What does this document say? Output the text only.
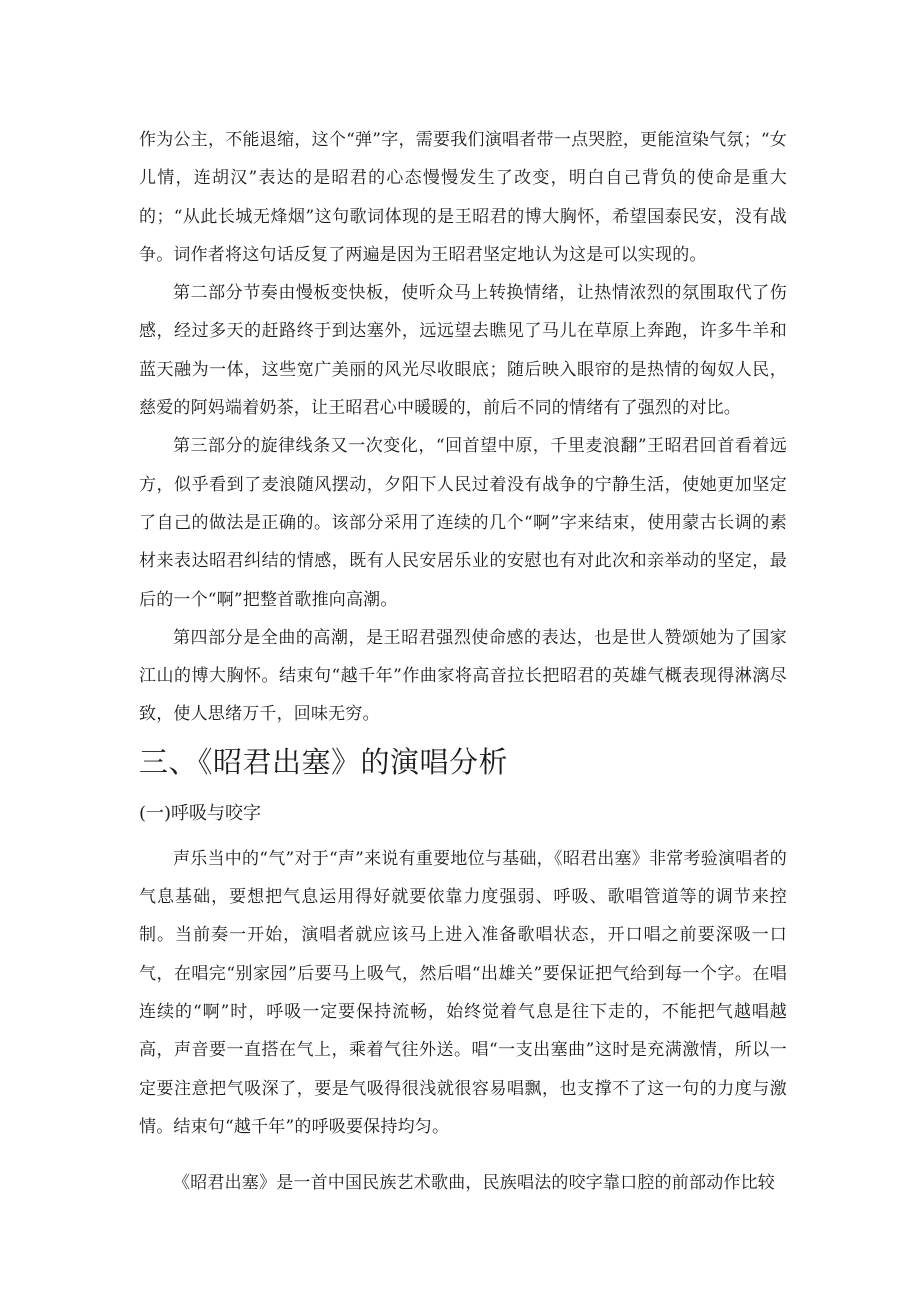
作为公主，不能退缩，这个“弹”字，需要我们演唱者带一点哭腔，更能渲染气氛；“女儿情，连胡汉”表达的是昭君的心态慢慢发生了改变，明白自己背负的使命是重大的；“从此长城无烽烟”这句歌词体现的是王昭君的博大胸怀，希望国泰民安，没有战争。词作者将这句话反复了两遍是因为王昭君坚定地认为这是可以实现的。

第二部分节奏由慢板变快板，使听众马上转换情绪，让热情浓烈的氛围取代了伤感，经过多天的赶路终于到达塞外，远远望去瞧见了马儿在草原上奔跑，许多牛羊和蓝天融为一体，这些宽广美丽的风光尽收眼底；随后映入眼帘的是热情的匈奴人民，慈爱的阿妈端着奶茶，让王昭君心中暖暖的，前后不同的情绪有了强烈的对比。

第三部分的旋律线条又一次变化，“回首望中原，千里麦浪翻”王昭君回首看着远方，似乎看到了麦浪随风摆动，夕阳下人民过着没有战争的宁静生活，使她更加坚定了自己的做法是正确的。该部分采用了连续的几个“啊”字来结束，使用蒙古长调的素材来表达昭君纠结的情感，既有人民安居乐业的安慰也有对此次和亲举动的坚定，最后的一个“啊”把整首歌推向高潮。

第四部分是全曲的高潮，是王昭君强烈使命感的表达，也是世人赞颂她为了国家江山的博大胸怀。结束句“越千年”作曲家将高音拉长把昭君的英雄气概表现得淋漓尽致，使人思绪万千，回味无穷。

三、《昭君出塞》的演唱分析
(一)呼吸与咬字

声乐当中的“气”对于“声”来说有重要地位与基础，《昭君出塞》非常考验演唱者的气息基础，要想把气息运用得好就要依靠力度强弱、呼吸、歌唱管道等的调节来控制。当前奏一开始，演唱者就应该马上进入准备歌唱状态，开口唱之前要深吸一口气，在唱完“别家园”后要马上吸气，然后唱“出雄关”要保证把气给到每一个字。在唱连续的“啊”时，呼吸一定要保持流畅，始终觉着气息是往下走的，不能把气越唱越高，声音要一直搭在气上，乘着气往外送。唱“一支出塞曲”这时是充满激情，所以一定要注意把气吸深了，要是气吸得很浅就很容易唱飘，也支撑不了这一句的力度与激情。结束句“越千年”的呼吸要保持均匀。

《昭君出塞》是一首中国民族艺术歌曲，民族唱法的咬字靠口腔的前部动作比较
